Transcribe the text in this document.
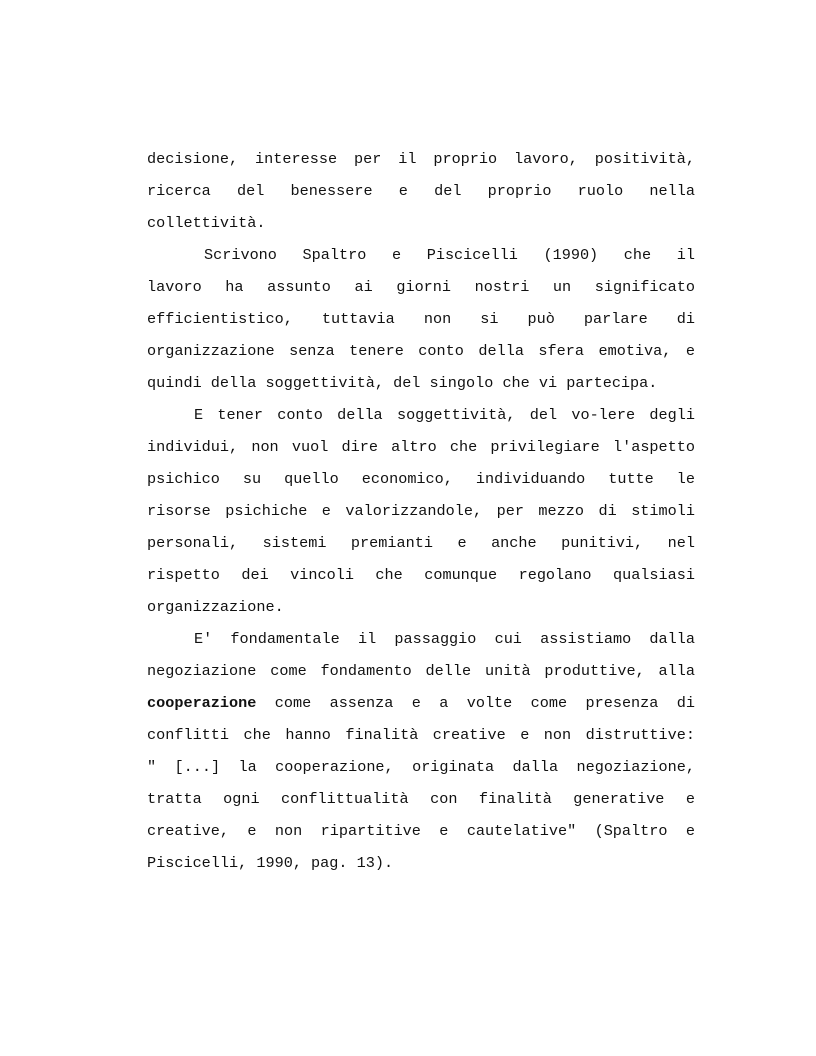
decisione, interesse per il proprio lavoro, positività,
ricerca del benessere e del proprio ruolo nella
collettività.
Scrivono Spaltro e Piscicelli (1990) che il
lavoro ha assunto ai giorni nostri un significato
efficientistico, tuttavia non si può parlare di
organizzazione senza tenere conto della sfera emotiva, e
quindi della soggettività, del singolo che vi partecipa.
E tener conto della soggettività, del vo-lere degli
individui, non vuol dire altro che privilegiare l'aspetto
psichico su quello economico, individuando tutte le
risorse psichiche e valorizzandole, per mezzo di stimoli
personali, sistemi premianti e anche punitivi, nel
rispetto dei vincoli che comunque regolano qualsiasi
organizzazione.
E' fondamentale il passaggio cui assistiamo dalla
negoziazione come fondamento delle unità produttive, alla
cooperazione come assenza e a volte come presenza di
conflitti che hanno finalità creative e non distruttive:
" [...] la cooperazione, originata dalla negoziazione,
tratta ogni conflittualità con finalità generative e
creative, e non ripartitive e cautelative" (Spaltro e
Piscicelli, 1990, pag. 13).
